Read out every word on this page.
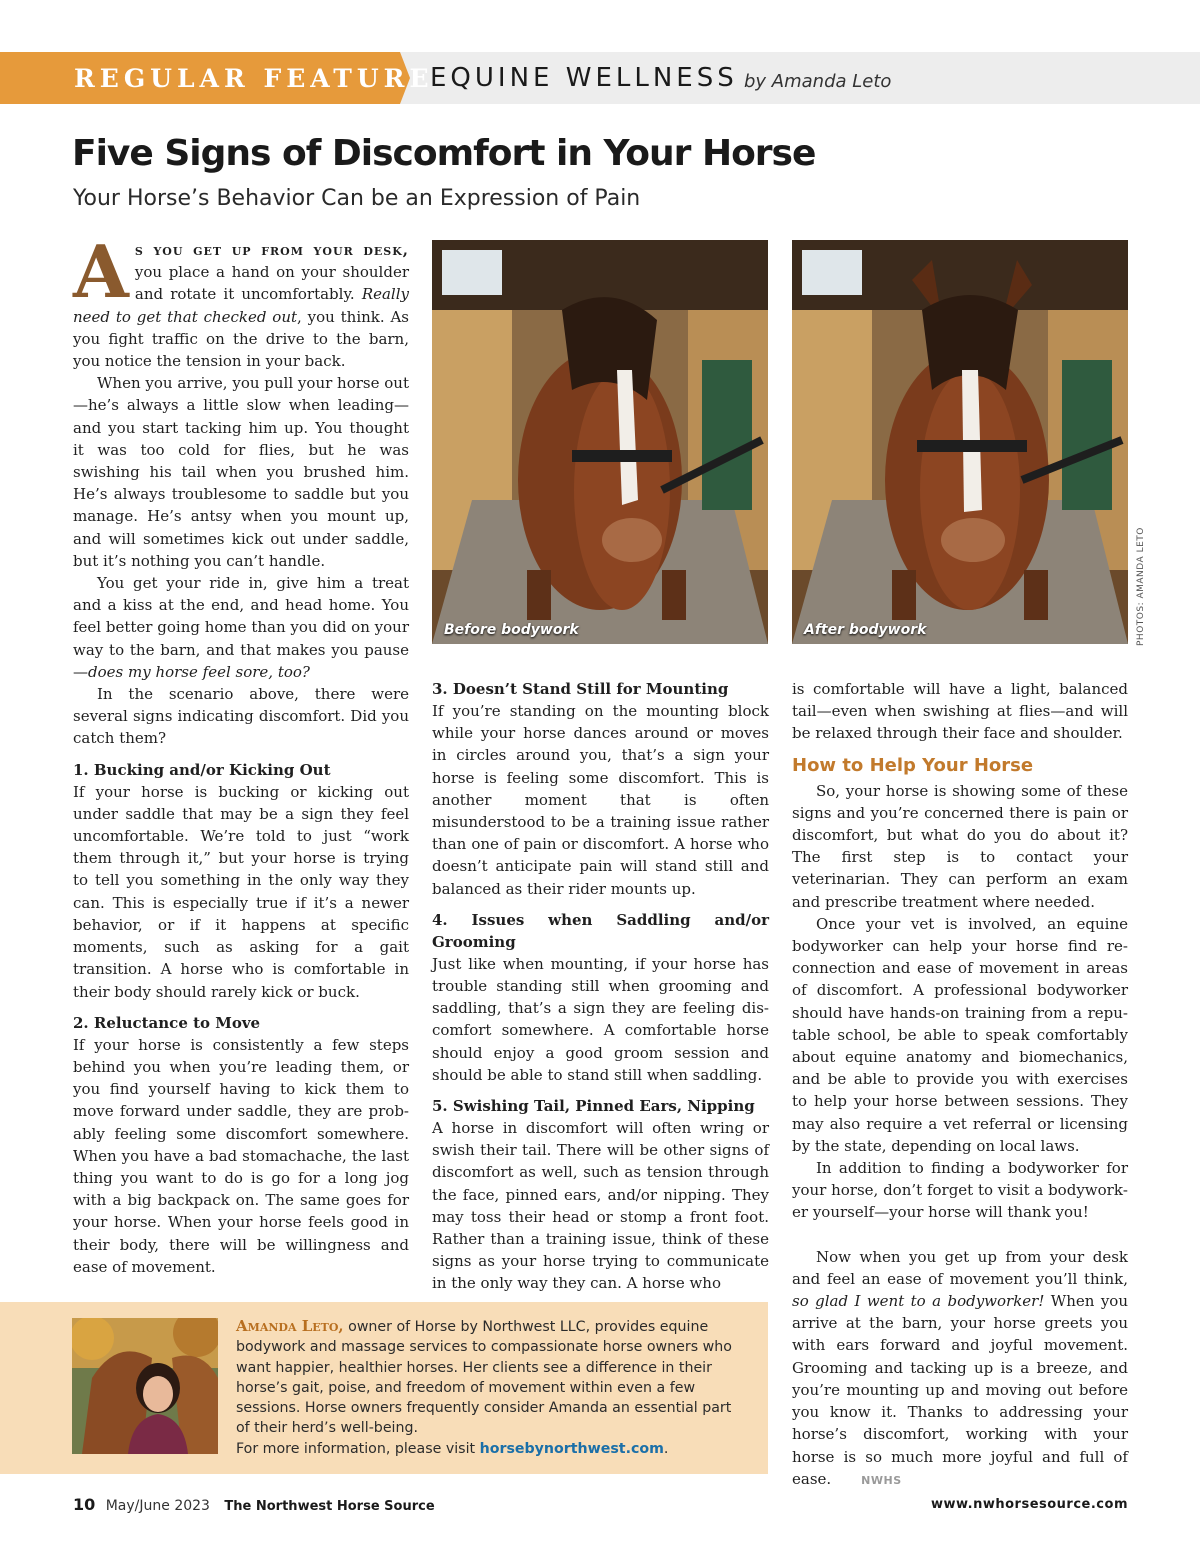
REGULAR FEATURE
EQUINE WELLNESS by Amanda Leto
Five Signs of Discomfort in Your Horse
Your Horse’s Behavior Can be an Expression of Pain

As you get up from your desk, you place a hand on your shoulder and rotate it uncomfortably. Really need to get that checked out, you think. As you fight traffic on the drive to the barn, you notice the tension in your back.

When you arrive, you pull your horse out—he’s always a little slow when leading—and you start tacking him up. You thought it was too cold for flies, but he was swishing his tail when you brushed him. He’s always troublesome to saddle but you manage. He’s antsy when you mount up, and will sometimes kick out under saddle, but it’s nothing you can’t handle.

You get your ride in, give him a treat and a kiss at the end, and head home. You feel better going home than you did on your way to the barn, and that makes you pause—does my horse feel sore, too?

In the scenario above, there were several signs indicating discomfort. Did you catch them?

1. Bucking and/or Kicking Out

If your horse is bucking or kicking out under saddle that may be a sign they feel uncomfortable. We’re told to just “work them through it,” but your horse is trying to tell you something in the only way they can. This is especially true if it’s a newer behavior, or if it happens at specific moments, such as asking for a gait transition. A horse who is comfortable in their body should rarely kick or buck.

2. Reluctance to Move

If your horse is consistently a few steps behind you when you’re leading them, or you find yourself having to kick them to move forward under saddle, they are probably feeling some discomfort somewhere. When you have a bad stomachache, the last thing you want to do is go for a long jog with a big backpack on. The same goes for your horse. When your horse feels good in their body, there will be willingness and ease of movement.

Before bodywork	After bodywork	PHOTOS: AMANDA LETO
3. Doesn’t Stand Still for Mounting

If you’re standing on the mounting block while your horse dances around or moves in circles around you, that’s a sign your horse is feeling some discomfort. This is another moment that is often misunderstood to be a training issue rather than one of pain or discomfort. A horse who doesn’t anticipate pain will stand still and balanced as their rider mounts up.

4. Issues when Saddling and/or Grooming

Just like when mounting, if your horse has trouble standing still when grooming and saddling, that’s a sign they are feeling discomfort somewhere. A comfortable horse should enjoy a good groom session and should be able to stand still when saddling.

5. Swishing Tail, Pinned Ears, Nipping

A horse in discomfort will often wring or swish their tail. There will be other signs of discomfort as well, such as tension through the face, pinned ears, and/or nipping. They may toss their head or stomp a front foot. Rather than a training issue, think of these signs as your horse trying to communicate in the only way they can. A horse who

is comfortable will have a light, balanced tail—even when swishing at flies—and will be relaxed through their face and shoulder.

How to Help Your Horse

So, your horse is showing some of these signs and you’re concerned there is pain or discomfort, but what do you do about it? The first step is to contact your veterinarian. They can perform an exam and prescribe treatment where needed.

Once your vet is involved, an equine bodyworker can help your horse find reconnection and ease of movement in areas of discomfort. A professional bodyworker should have hands-on training from a reputable school, be able to speak comfortably about equine anatomy and biomechanics, and be able to provide you with exercises to help your horse between sessions. They may also require a vet referral or licensing by the state, depending on local laws.

In addition to finding a bodyworker for your horse, don’t forget to visit a bodyworker yourself—your horse will thank you!

Now when you get up from your desk and feel an ease of movement you’ll think, so glad I went to a bodyworker! When you arrive at the barn, your horse greets you with ears forward and joyful movement. Grooming and tacking up is a breeze, and you’re mounting up and moving out before you know it. Thanks to addressing your horse’s discomfort, working with your horse is so much more joyful and full of ease.	NWHS

Amanda Leto, owner of Horse by Northwest LLC, provides equine bodywork and massage services to compassionate horse owners who want happier, healthier horses. Her clients see a difference in their horse’s gait, poise, and freedom of movement within even a few sessions. Horse owners frequently consider Amanda an essential part of their herd’s well-being.
For more information, please visit horsebynorthwest.com.
10 May/June 2023 The Northwest Horse Source	www.nwhorsesource.com
